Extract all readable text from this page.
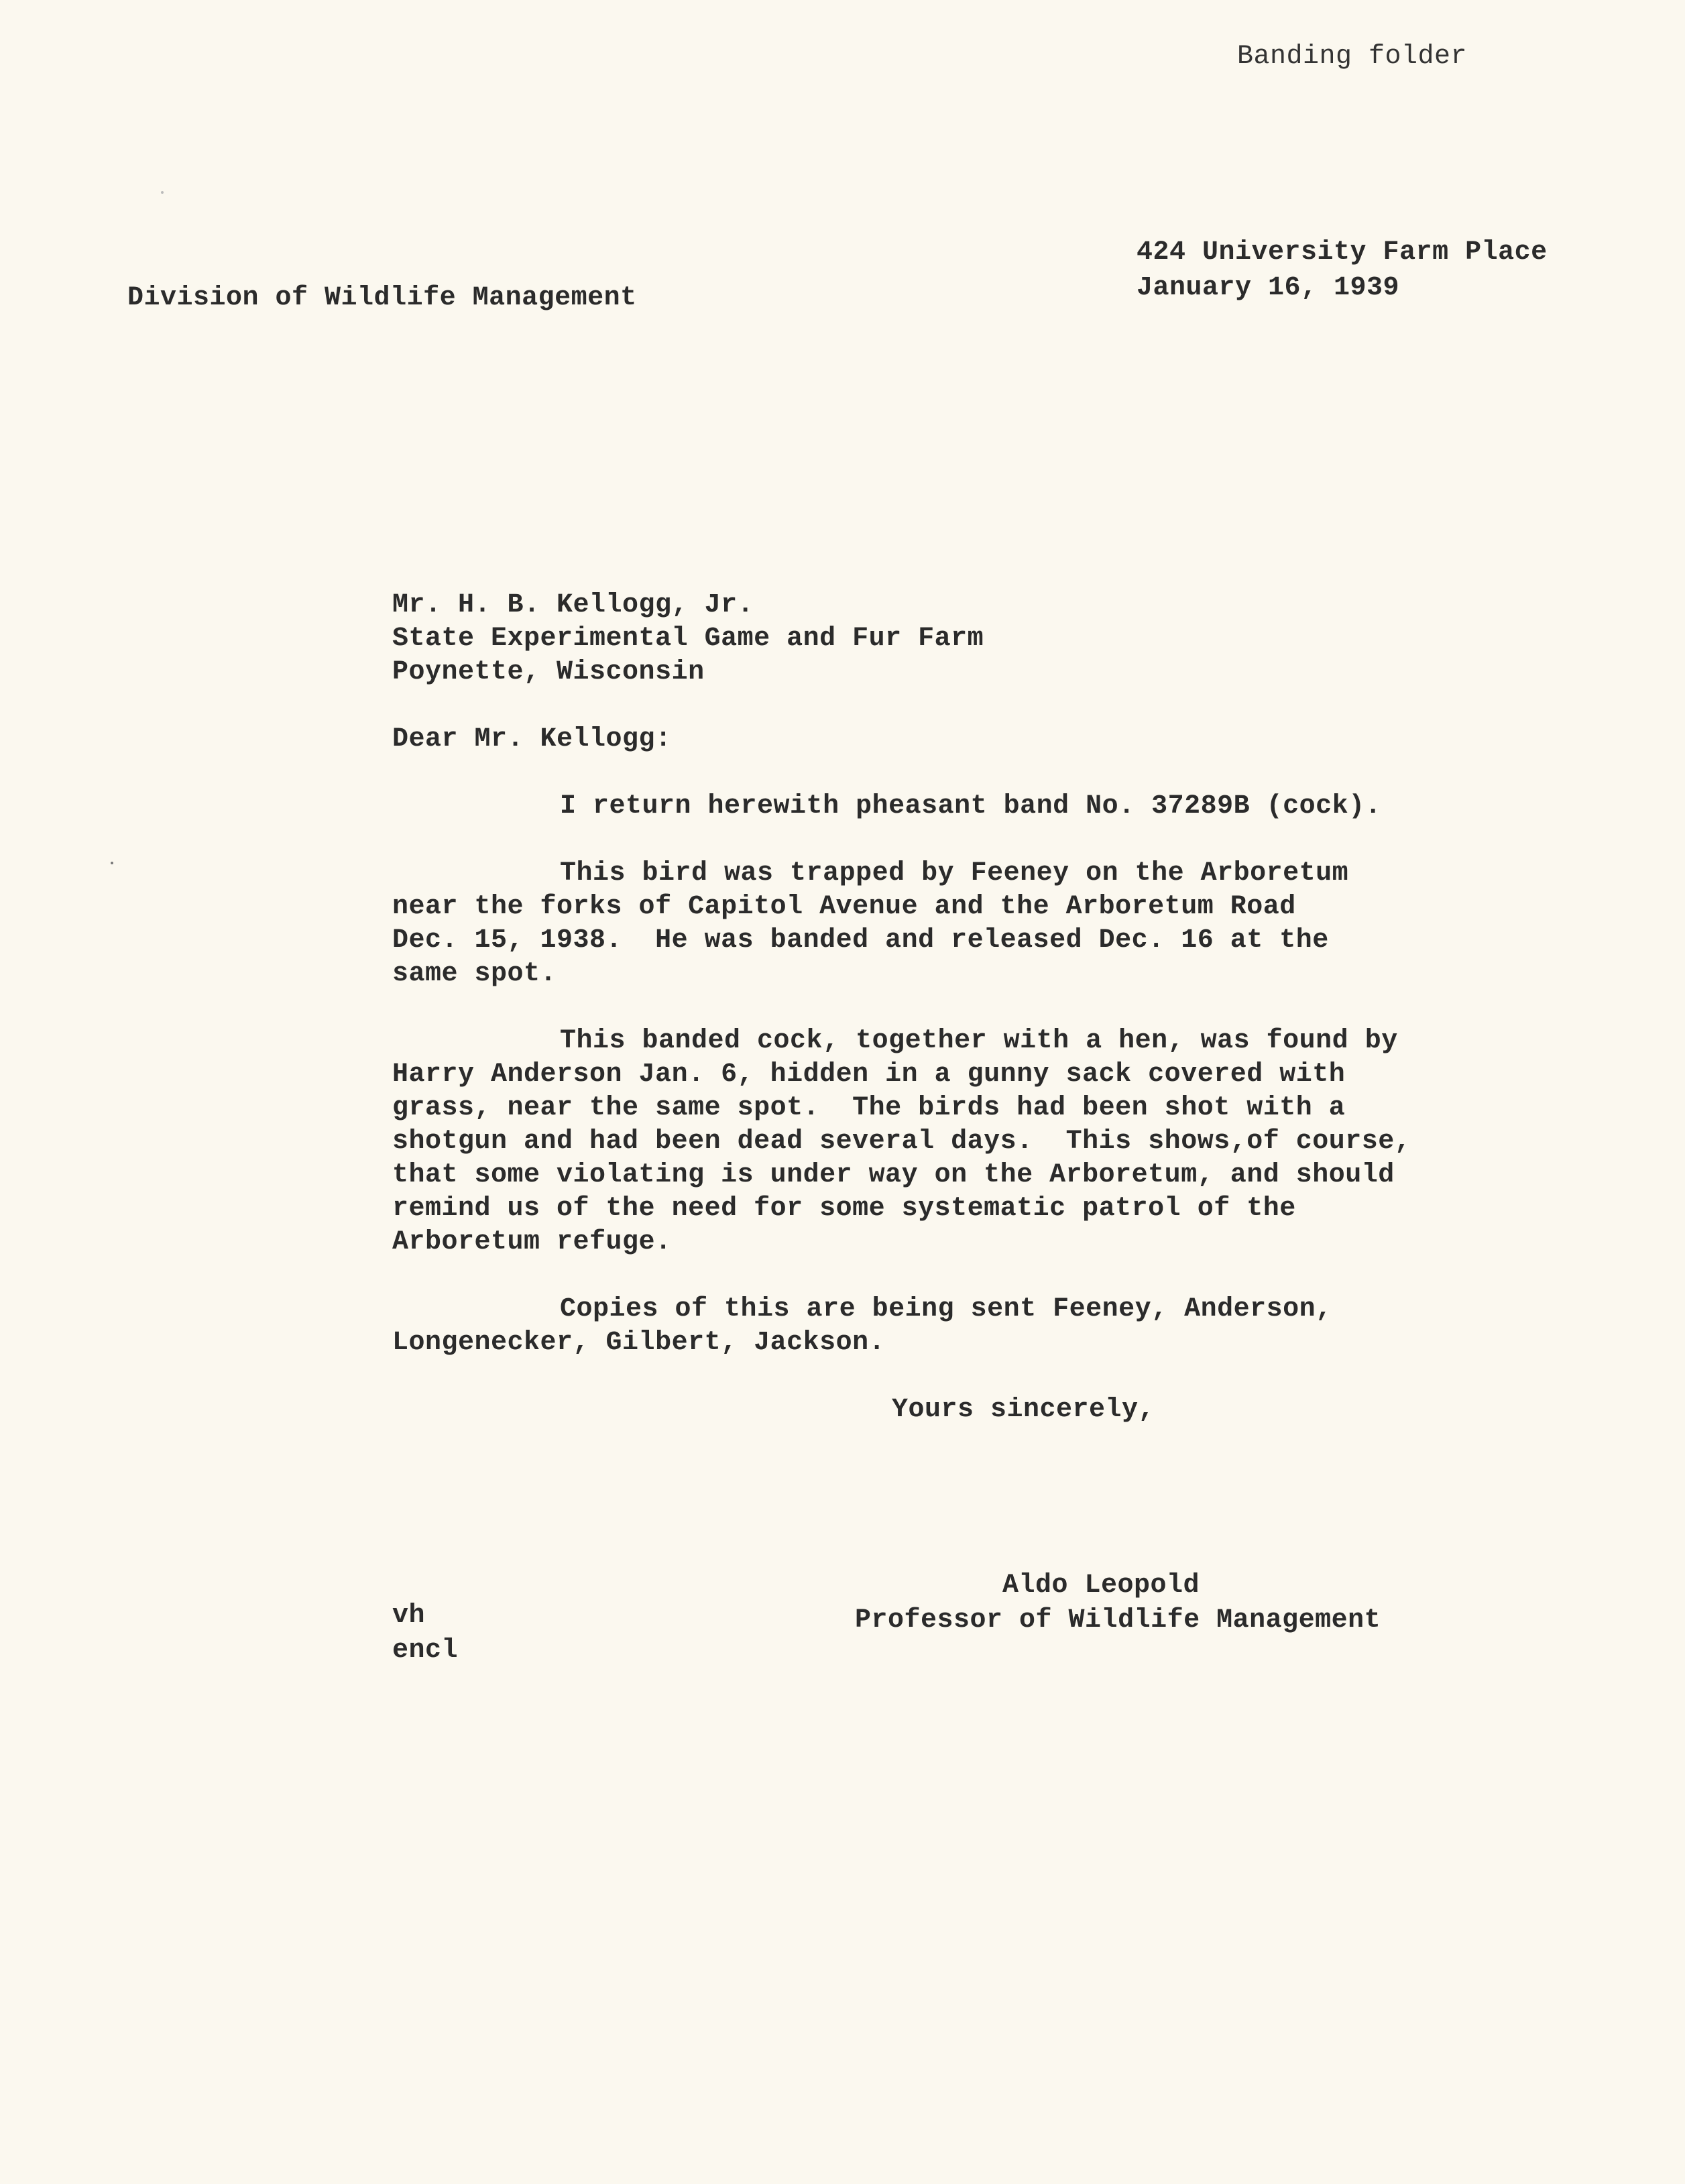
Banding folder
424 University Farm Place
January 16, 1939
Division of Wildlife Management
Mr. H. B. Kellogg, Jr.
State Experimental Game and Fur Farm
Poynette, Wisconsin
Dear Mr. Kellogg:
I return herewith pheasant band No. 37289B (cock).
This bird was trapped by Feeney on the Arboretum
near the forks of Capitol Avenue and the Arboretum Road
Dec. 15, 1938.  He was banded and released Dec. 16 at the
same spot.
This banded cock, together with a hen, was found by
Harry Anderson Jan. 6, hidden in a gunny sack covered with
grass, near the same spot.  The birds had been shot with a
shotgun and had been dead several days.  This shows,of course,
that some violating is under way on the Arboretum, and should
remind us of the need for some systematic patrol of the
Arboretum refuge.
Copies of this are being sent Feeney, Anderson,
Longenecker, Gilbert, Jackson.
Yours sincerely,
Aldo Leopold
Professor of Wildlife Management
vh
encl
